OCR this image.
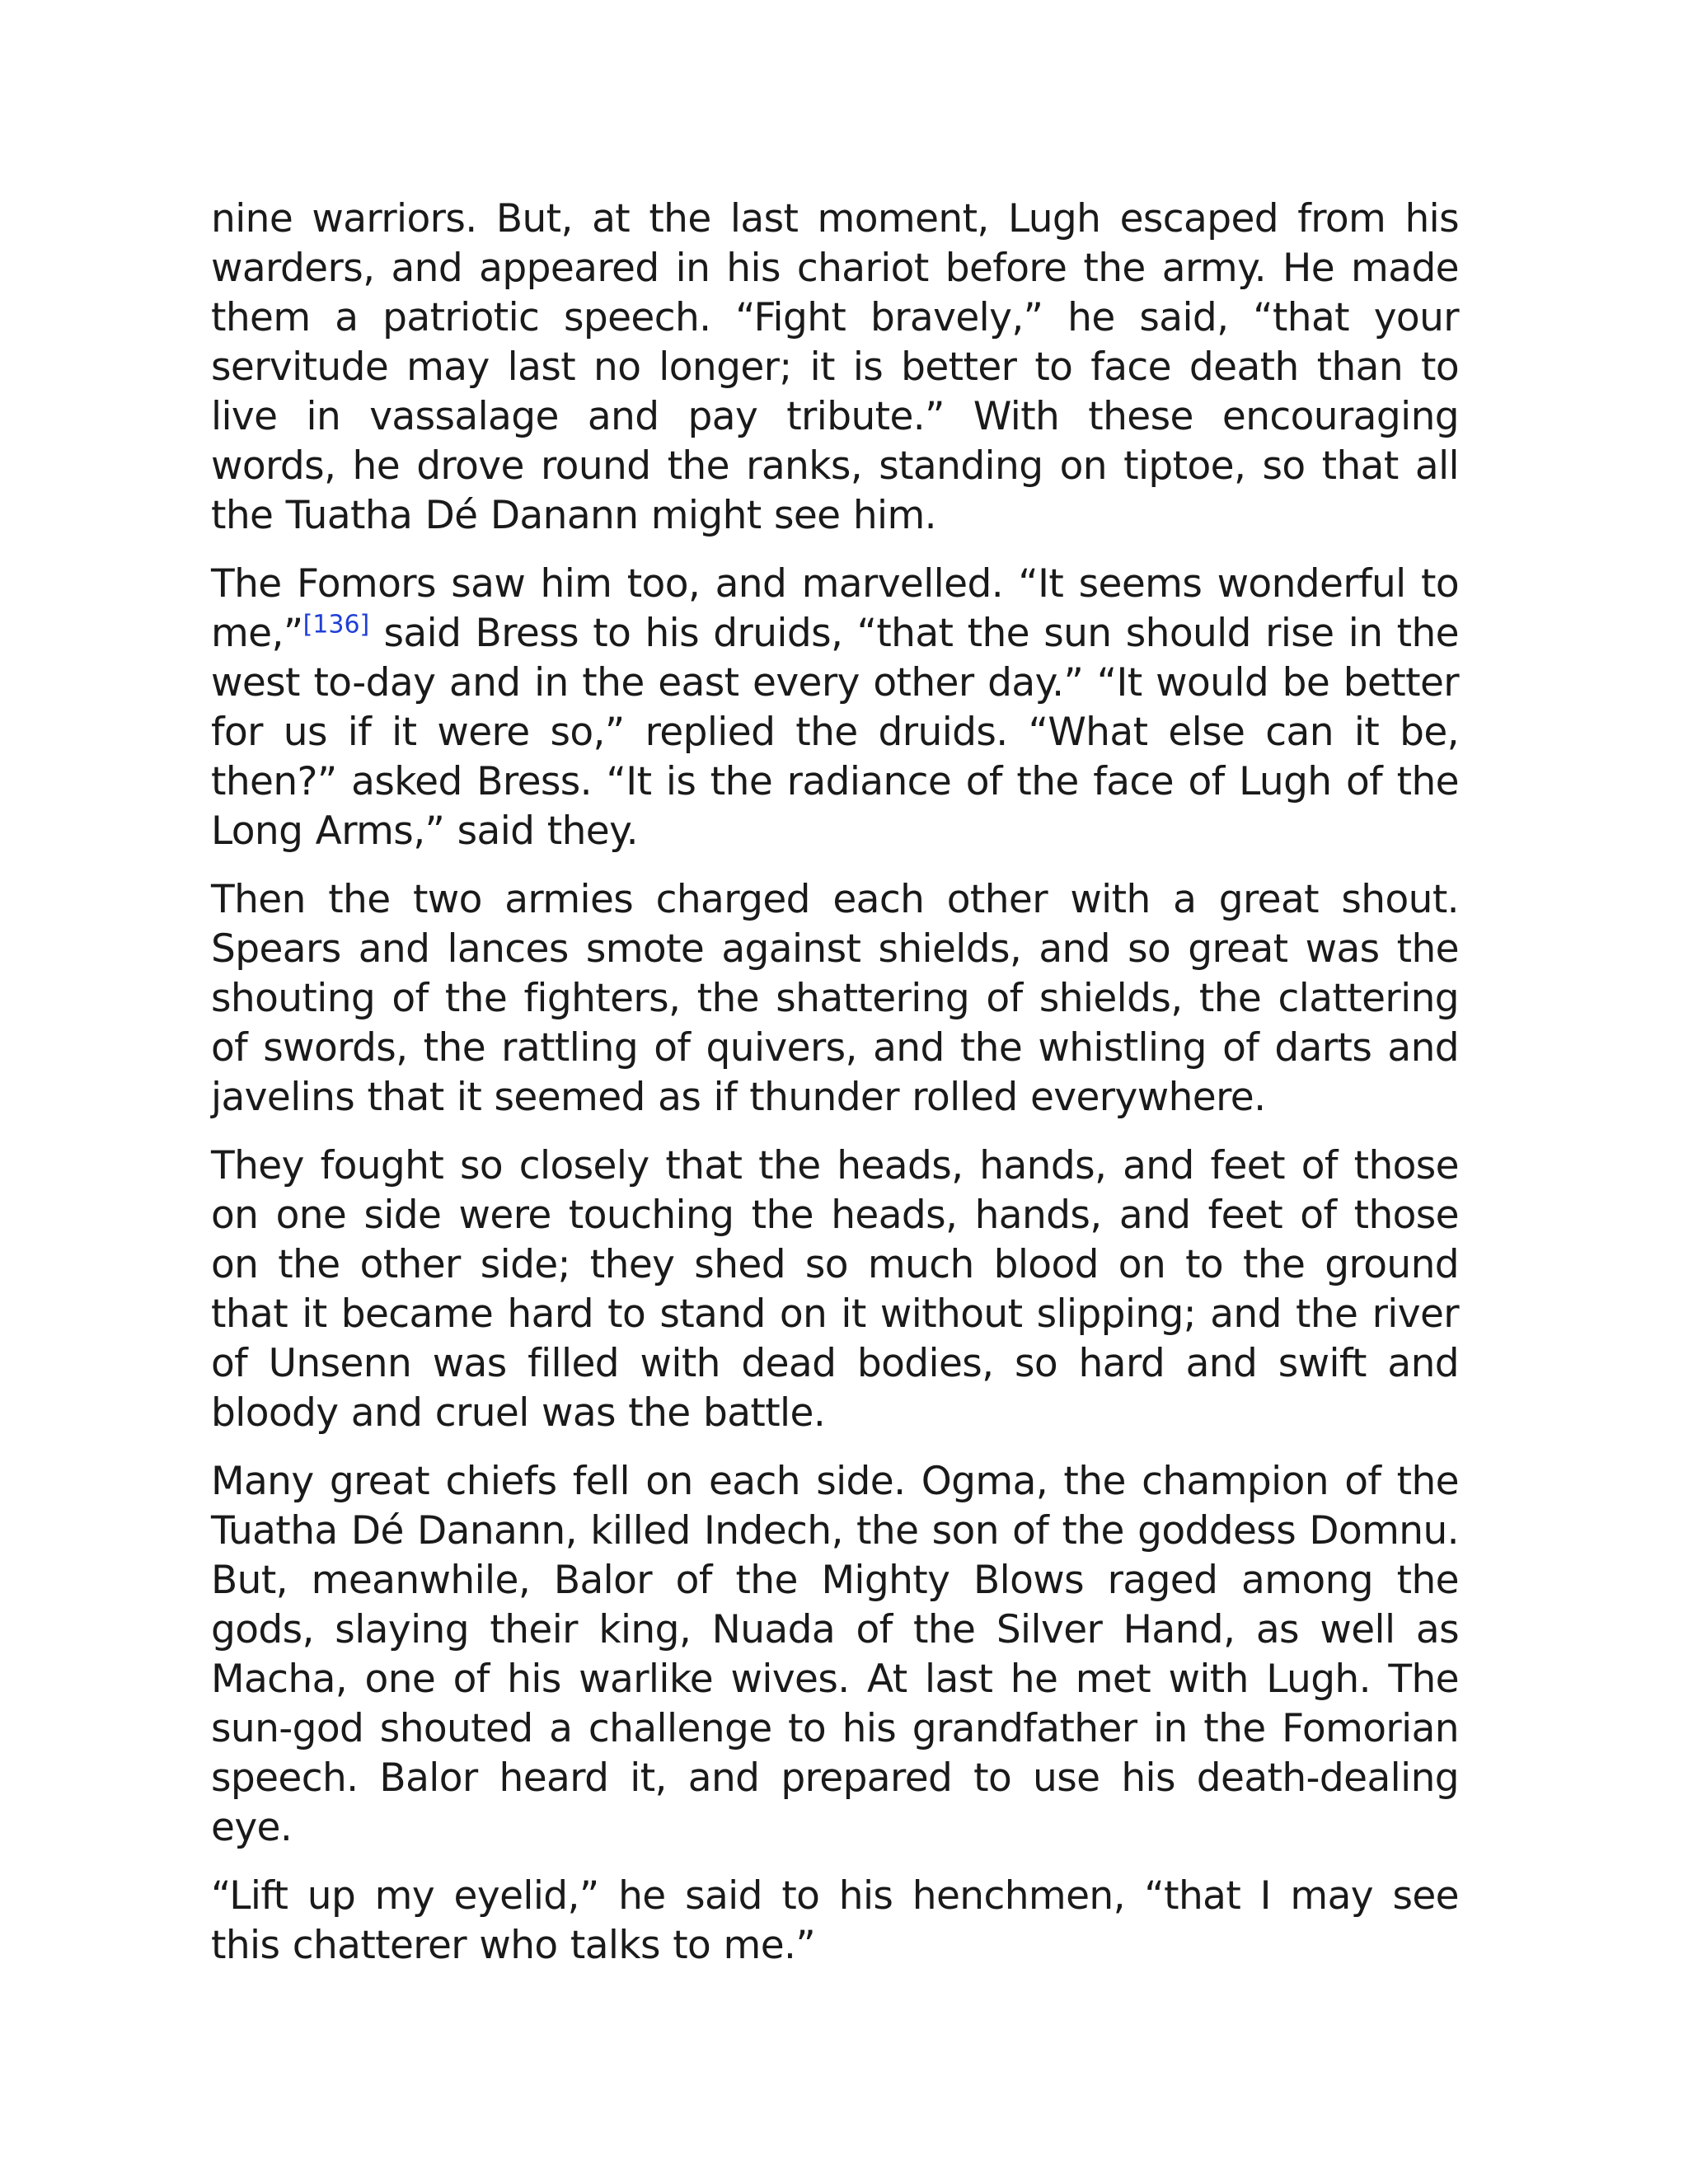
nine warriors. But, at the last moment, Lugh escaped from his warders, and appeared in his chariot before the army. He made them a patriotic speech. “Fight bravely,” he said, “that your servitude may last no longer; it is better to face death than to live in vassalage and pay tribute.” With these encouraging words, he drove round the ranks, standing on tiptoe, so that all the Tuatha Dé Danann might see him.

The Fomors saw him too, and marvelled. “It seems wonderful to me,”[136] said Bress to his druids, “that the sun should rise in the west to-day and in the east every other day.” “It would be better for us if it were so,” replied the druids. “What else can it be, then?” asked Bress. “It is the radiance of the face of Lugh of the Long Arms,” said they.

Then the two armies charged each other with a great shout. Spears and lances smote against shields, and so great was the shouting of the fighters, the shattering of shields, the clattering of swords, the rattling of quivers, and the whistling of darts and javelins that it seemed as if thunder rolled everywhere.

They fought so closely that the heads, hands, and feet of those on one side were touching the heads, hands, and feet of those on the other side; they shed so much blood on to the ground that it became hard to stand on it without slipping; and the river of Unsenn was filled with dead bodies, so hard and swift and bloody and cruel was the battle.

Many great chiefs fell on each side. Ogma, the champion of the Tuatha Dé Danann, killed Indech, the son of the goddess Domnu. But, meanwhile, Balor of the Mighty Blows raged among the gods, slaying their king, Nuada of the Silver Hand, as well as Macha, one of his warlike wives. At last he met with Lugh. The sun-god shouted a challenge to his grandfather in the Fomorian speech. Balor heard it, and prepared to use his death-dealing eye.

“Lift up my eyelid,” he said to his henchmen, “that I may see this chatterer who talks to me.”
